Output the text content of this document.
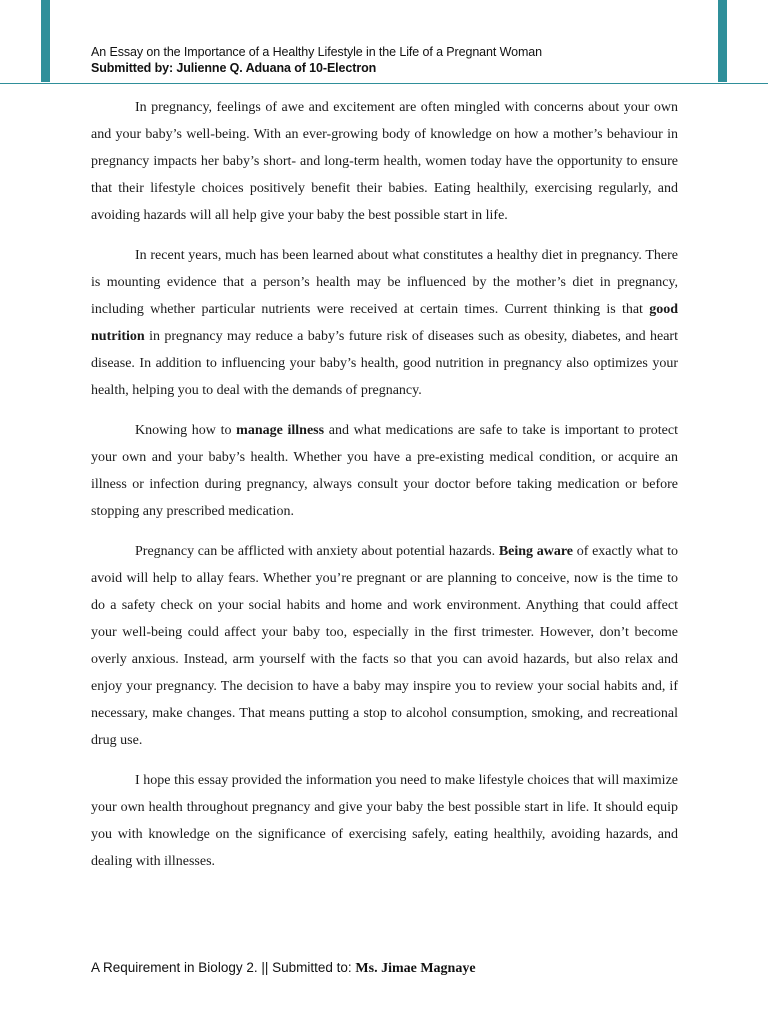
An Essay on the Importance of a Healthy Lifestyle in the Life of a Pregnant Woman
Submitted by: Julienne Q. Aduana of 10-Electron

In pregnancy, feelings of awe and excitement are often mingled with concerns about your own and your baby’s well-being. With an ever-growing body of knowledge on how a mother’s behaviour in pregnancy impacts her baby’s short- and long-term health, women today have the opportunity to ensure that their lifestyle choices positively benefit their babies. Eating healthily, exercising regularly, and avoiding hazards will all help give your baby the best possible start in life.

In recent years, much has been learned about what constitutes a healthy diet in pregnancy. There is mounting evidence that a person’s health may be influenced by the mother’s diet in pregnancy, including whether particular nutrients were received at certain times. Current thinking is that good nutrition in pregnancy may reduce a baby’s future risk of diseases such as obesity, diabetes, and heart disease. In addition to influencing your baby’s health, good nutrition in pregnancy also optimizes your health, helping you to deal with the demands of pregnancy.

Knowing how to manage illness and what medications are safe to take is important to protect your own and your baby’s health. Whether you have a pre-existing medical condition, or acquire an illness or infection during pregnancy, always consult your doctor before taking medication or before stopping any prescribed medication.

Pregnancy can be afflicted with anxiety about potential hazards. Being aware of exactly what to avoid will help to allay fears. Whether you’re pregnant or are planning to conceive, now is the time to do a safety check on your social habits and home and work environment. Anything that could affect your well-being could affect your baby too, especially in the first trimester. However, don’t become overly anxious. Instead, arm yourself with the facts so that you can avoid hazards, but also relax and enjoy your pregnancy. The decision to have a baby may inspire you to review your social habits and, if necessary, make changes. That means putting a stop to alcohol consumption, smoking, and recreational drug use.

I hope this essay provided the information you need to make lifestyle choices that will maximize your own health throughout pregnancy and give your baby the best possible start in life. It should equip you with knowledge on the significance of exercising safely, eating healthily, avoiding hazards, and dealing with illnesses.

A Requirement in Biology 2. || Submitted to: Ms. Jimae Magnaye
